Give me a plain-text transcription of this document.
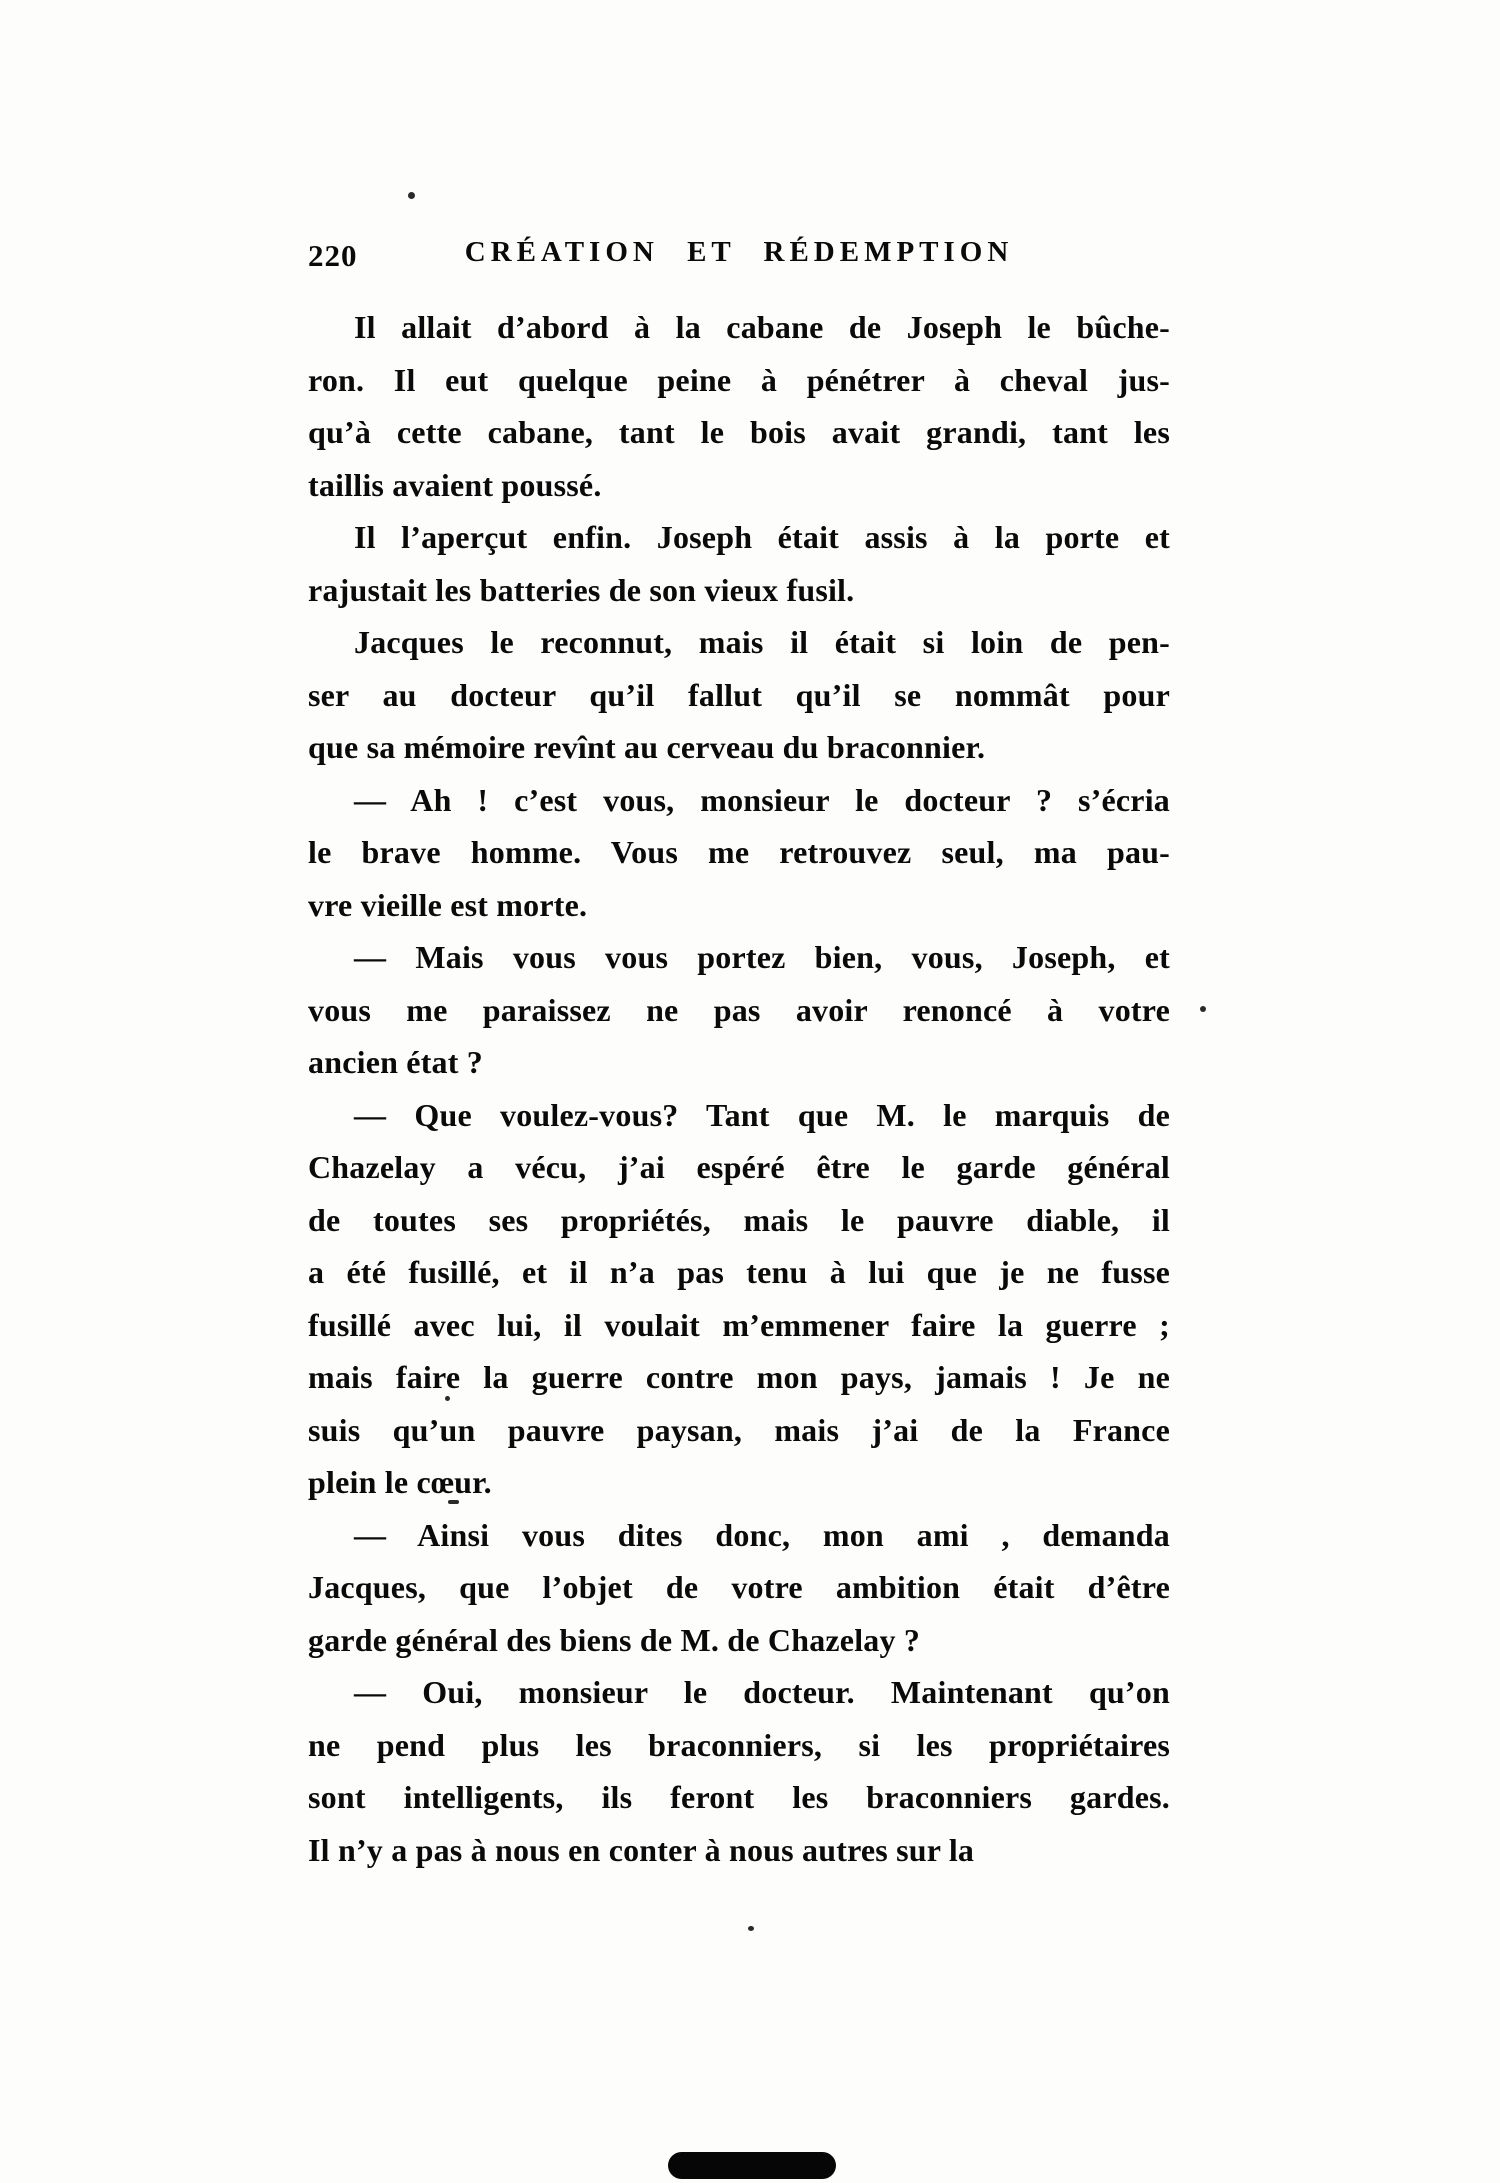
CRÉATION ET RÉDEMPTION
220
Il allait d’abord à la cabane de Joseph le bûche-
ron. Il eut quelque peine à pénétrer à cheval jus-
qu’à cette cabane, tant le bois avait grandi, tant les
taillis avaient poussé.
Il l’aperçut enfin. Joseph était assis à la porte et
rajustait les batteries de son vieux fusil.
Jacques le reconnut, mais il était si loin de pen-
ser au docteur qu’il fallut qu’il se nommât pour
que sa mémoire revînt au cerveau du braconnier.
— Ah ! c’est vous, monsieur le docteur ? s’écria
le brave homme. Vous me retrouvez seul, ma pau-
vre vieille est morte.
— Mais vous vous portez bien, vous, Joseph, et
vous me paraissez ne pas avoir renoncé à votre
ancien état ?
— Que voulez-vous? Tant que M. le marquis de
Chazelay a vécu, j’ai espéré être le garde général
de toutes ses propriétés, mais le pauvre diable, il
a été fusillé, et il n’a pas tenu à lui que je ne fusse
fusillé avec lui, il voulait m’emmener faire la guerre ;
mais faire la guerre contre mon pays, jamais ! Je ne
suis qu’un pauvre paysan, mais j’ai de la France
plein le cœur.
— Ainsi vous dites donc, mon ami , demanda
Jacques, que l’objet de votre ambition était d’être
garde général des biens de M. de Chazelay ?
— Oui, monsieur le docteur. Maintenant qu’on
ne pend plus les braconniers, si les propriétaires
sont intelligents, ils feront les braconniers gardes.
Il n’y a pas à nous en conter à nous autres sur la
